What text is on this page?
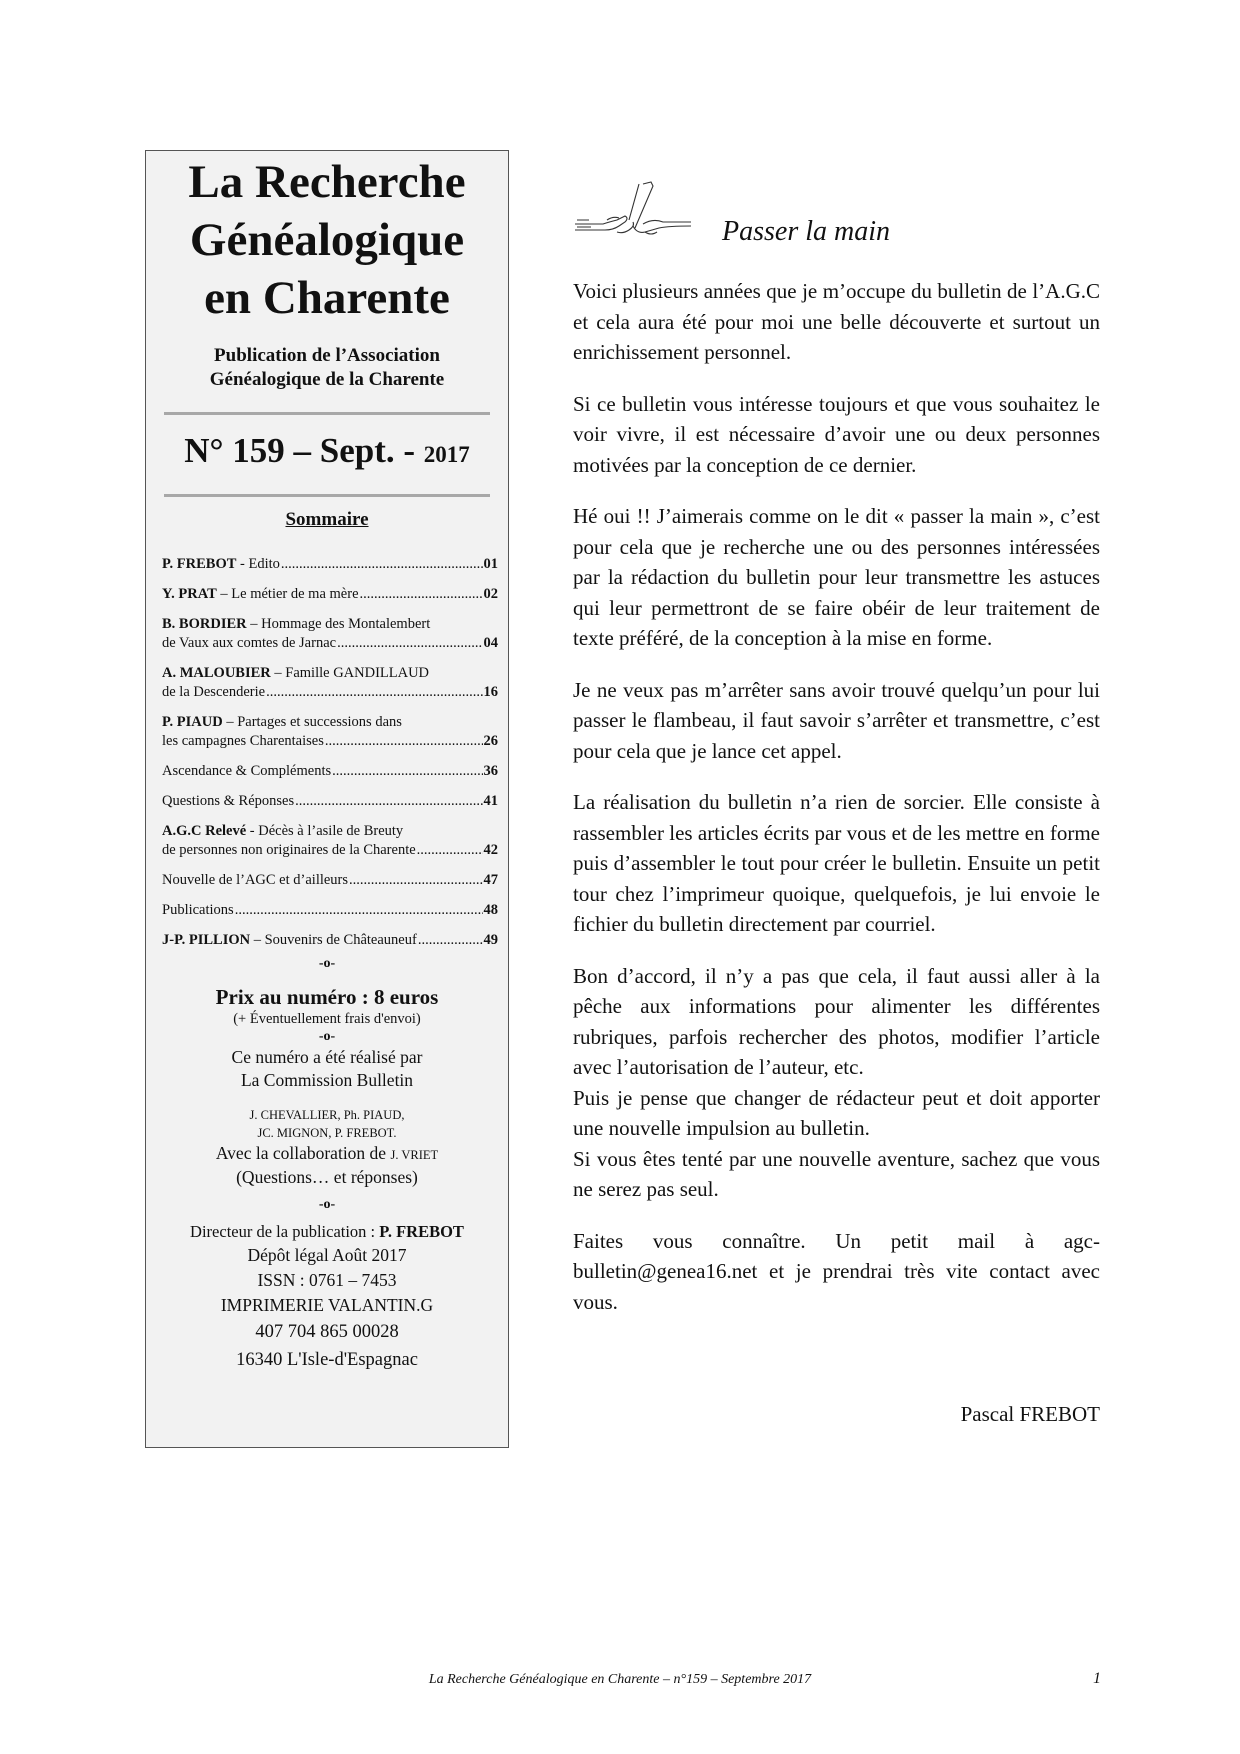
La Recherche
Généalogique
en Charente
Publication de l’Association
Généalogique de la Charente
N° 159 – Sept. - 2017
Sommaire
P. FREBOT - Edito .....	01
Y. PRAT – Le métier de ma mère .....	02
B. BORDIER – Hommage des Montalembert
de Vaux aux comtes de Jarnac .....	04
A. MALOUBIER – Famille GANDILLAUD
de la Descenderie .....	16
P. PIAUD – Partages et successions dans
les campagnes Charentaises .....	26
Ascendance & Compléments .....	36
Questions & Réponses .....	41
A.G.C Relevé - Décès à l’asile de Breuty
de personnes non originaires de la Charente .....	42
Nouvelle de l’AGC et d’ailleurs .....	47
Publications .....	48
J-P. PILLION – Souvenirs de Châteauneuf .....	49
-o-
Prix au numéro : 8 euros
(+ Éventuellement frais d'envoi)
-o-
Ce numéro a été réalisé par
La Commission Bulletin
J. CHEVALLIER, Ph. PIAUD,
JC. MIGNON, P. FREBOT.
Avec la collaboration de J. VRIET
(Questions… et réponses)
-o-
Directeur de la publication : P. FREBOT
Dépôt légal Août 2017
ISSN : 0761 – 7453
IMPRIMERIE VALANTIN.G
407 704 865 00028
16340 L'Isle-d'Espagnac
Passer la main

Voici plusieurs années que je m’occupe du bulletin de l’A.G.C et cela aura été pour moi une belle découverte et surtout un enrichissement personnel.

Si ce bulletin vous intéresse toujours et que vous souhaitez le voir vivre, il est nécessaire d’avoir une ou deux personnes motivées par la conception de ce dernier.

Hé oui !! J’aimerais comme on le dit « passer la main », c’est pour cela que je recherche une ou des personnes intéressées par la rédaction du bulletin pour leur transmettre les astuces qui leur permettront de se faire obéir de leur traitement de texte préféré, de la conception à la mise en forme.

Je ne veux pas m’arrêter sans avoir trouvé quelqu’un pour lui passer le flambeau, il faut savoir s’arrêter et transmettre, c’est pour cela que je lance cet appel.

La réalisation du bulletin n’a rien de sorcier. Elle consiste à rassembler les articles écrits par vous et de les mettre en forme puis d’assembler le tout pour créer le bulletin. Ensuite un petit tour chez l’imprimeur quoique, quelquefois, je lui envoie le fichier du bulletin directement par courriel.

Bon d’accord, il n’y a pas que cela, il faut aussi aller à la pêche aux informations pour alimenter les différentes rubriques, parfois rechercher des photos, modifier l’article avec l’autorisation de l’auteur, etc.

Puis je pense que changer de rédacteur peut et doit apporter une nouvelle impulsion au bulletin.

Si vous êtes tenté par une nouvelle aventure, sachez que vous ne serez pas seul.

Faites vous connaître. Un petit mail à agc-bulletin@genea16.net et je prendrai très vite contact avec vous.

Pascal FREBOT
La Recherche Généalogique en Charente – n°159 – Septembre 2017	1
